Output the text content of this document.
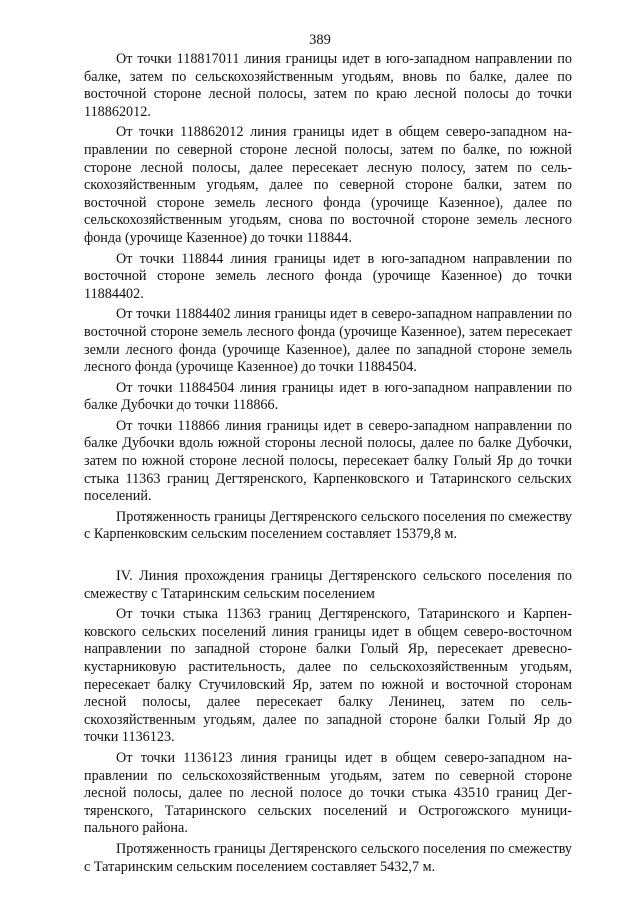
389

От точки 118817011 линия границы идет в юго-западном направлении по балке, затем по сельскохозяйственным угодьям, вновь по балке, далее по восточной стороне лесной полосы, затем по краю лесной полосы до точки 118862012.

От точки 118862012 линия границы идет в общем северо-западном направлении по северной стороне лесной полосы, затем по балке, по южной стороне лесной полосы, далее пересекает лесную полосу, затем по сельскохозяйственным угодьям, далее по северной стороне балки, затем по восточной стороне земель лесного фонда (урочище Казенное), далее по сельскохозяйственным угодьям, снова по восточной стороне земель лесного фонда (урочище Казенное) до точки 118844.

От точки 118844 линия границы идет в юго-западном направлении по восточной стороне земель лесного фонда (урочище Казенное) до точки 11884402.

От точки 11884402 линия границы идет в северо-западном направлении по восточной стороне земель лесного фонда (урочище Казенное), затем пересекает земли лесного фонда (урочище Казенное), далее по западной стороне земель лесного фонда (урочище Казенное) до точки 11884504.

От точки 11884504 линия границы идет в юго-западном направлении по балке Дубочки до точки 118866.

От точки 118866 линия границы идет в северо-западном направлении по балке Дубочки вдоль южной стороны лесной полосы, далее по балке Дубочки, затем по южной стороне лесной полосы, пересекает балку Голый Яр до точки стыка 11363 границ Дегтяренского, Карпенковского и Татаринского сельских поселений.

Протяженность границы Дегтяренского сельского поселения по смежеству с Карпенковским сельским поселением составляет 15379,8 м.

IV. Линия прохождения границы Дегтяренского сельского поселения по смежеству с Татаринским сельским поселением

От точки стыка 11363 границ Дегтяренского, Татаринского и Карпенковского сельских поселений линия границы идет в общем северо-восточном направлении по западной стороне балки Голый Яр, пересекает древесно-кустарниковую растительность, далее по сельскохозяйственным угодьям, пересекает балку Стучиловский Яр, затем по южной и восточной сторонам лесной полосы, далее пересекает балку Ленинец, затем по сельскохозяйственным угодьям, далее по западной стороне балки Голый Яр до точки 1136123.

От точки 1136123 линия границы идет в общем северо-западном направлении по сельскохозяйственным угодьям, затем по северной стороне лесной полосы, далее по лесной полосе до точки стыка 43510 границ Дегтяренского, Татаринского сельских поселений и Острогожского муниципального района.

Протяженность границы Дегтяренского сельского поселения по смежеству с Татаринским сельским поселением составляет 5432,7 м.
